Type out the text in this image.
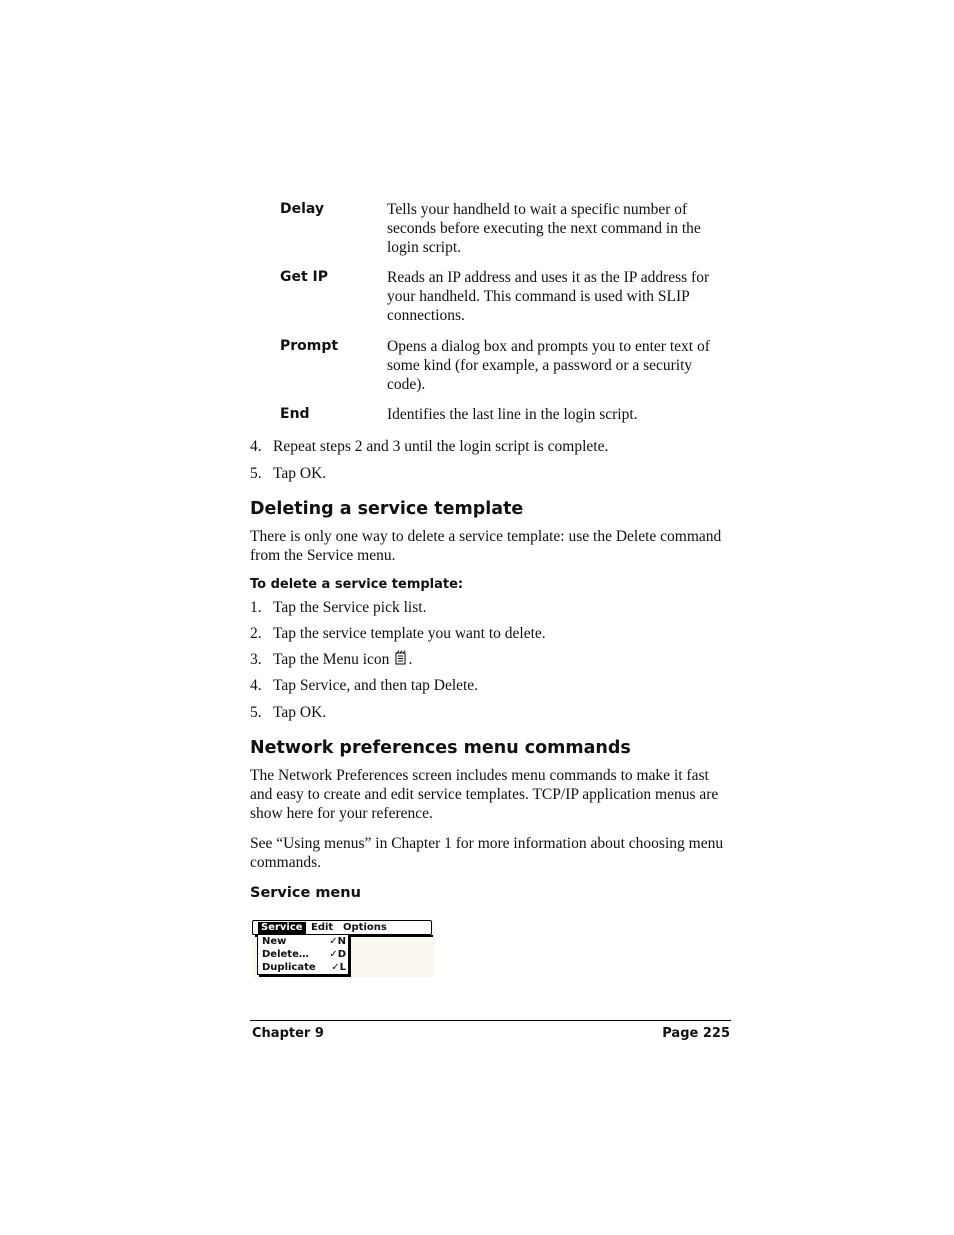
Delay	Tells your handheld to wait a specific number of seconds before executing the next command in the login script.
Get IP	Reads an IP address and uses it as the IP address for your handheld. This command is used with SLIP connections.
Prompt	Opens a dialog box and prompts you to enter text of some kind (for example, a password or a security code).
End	Identifies the last line in the login script.
4. Repeat steps 2 and 3 until the login script is complete.
5. Tap OK.
Deleting a service template
There is only one way to delete a service template: use the Delete command from the Service menu.
To delete a service template:
1. Tap the Service pick list.
2. Tap the service template you want to delete.
3. Tap the Menu icon .
4. Tap Service, and then tap Delete.
5. Tap OK.
Network preferences menu commands
The Network Preferences screen includes menu commands to make it fast and easy to create and edit service templates. TCP/IP application menus are show here for your reference.
See “Using menus” in Chapter 1 for more information about choosing menu commands.
Service menu
Service Edit Options
New	✓N
Delete… ✓D
Duplicate ✓L
Chapter 9	Page 225
